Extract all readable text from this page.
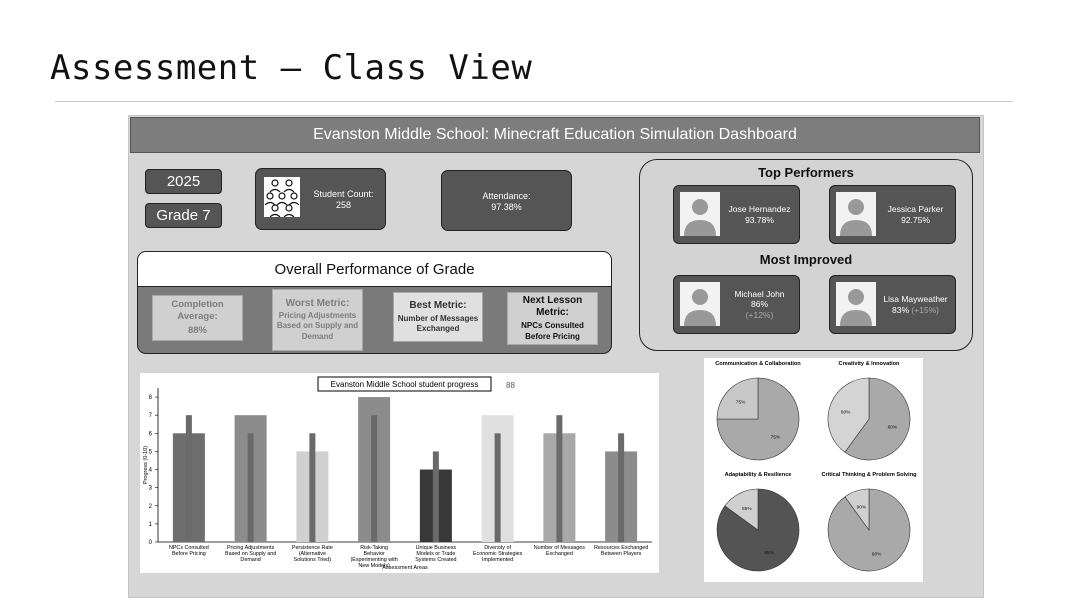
Assessment – Class View
Evanston Middle School: Minecraft Education Simulation Dashboard
2025
Grade 7
Student Count:
258
Attendance:
97.38%
Overall Performance of Grade
Completion Average:
88%
Worst Metric:
Pricing Adjustments Based on Supply and Demand
Best Metric:
Number of Messages Exchanged
Next Lesson Metric:
NPCs Consulted Before Pricing
Top Performers
Jose Hernandez
93.78%
Jessica Parker
92.75%
Most Improved
Michael John
86%
(+12%)
Lisa Mayweather
83% (+15%)
0
1
2
3
4
5
6
7
8
NPCs Consulted Before Pricing
Pricing Adjustments Based on Supply and Demand
Persistence Rate (Alternative Solutions Tried)
Risk-Taking Behavior (Experimenting with New Models)
Unique Business Models or Trade Systems Created
Diversity of Economic Strategies Implemented
Number of Messages Exchanged
Resources Exchanged Between Players
Evanston Middle School student progress	88
Assessment Areas
Progress (0-10)
Communication & Collaboration
75%
75%
Creativity & Innovation
60%
60%
Adaptability & Resilience
85%
85%
Critical Thinking & Problem Solving
90%
90%
